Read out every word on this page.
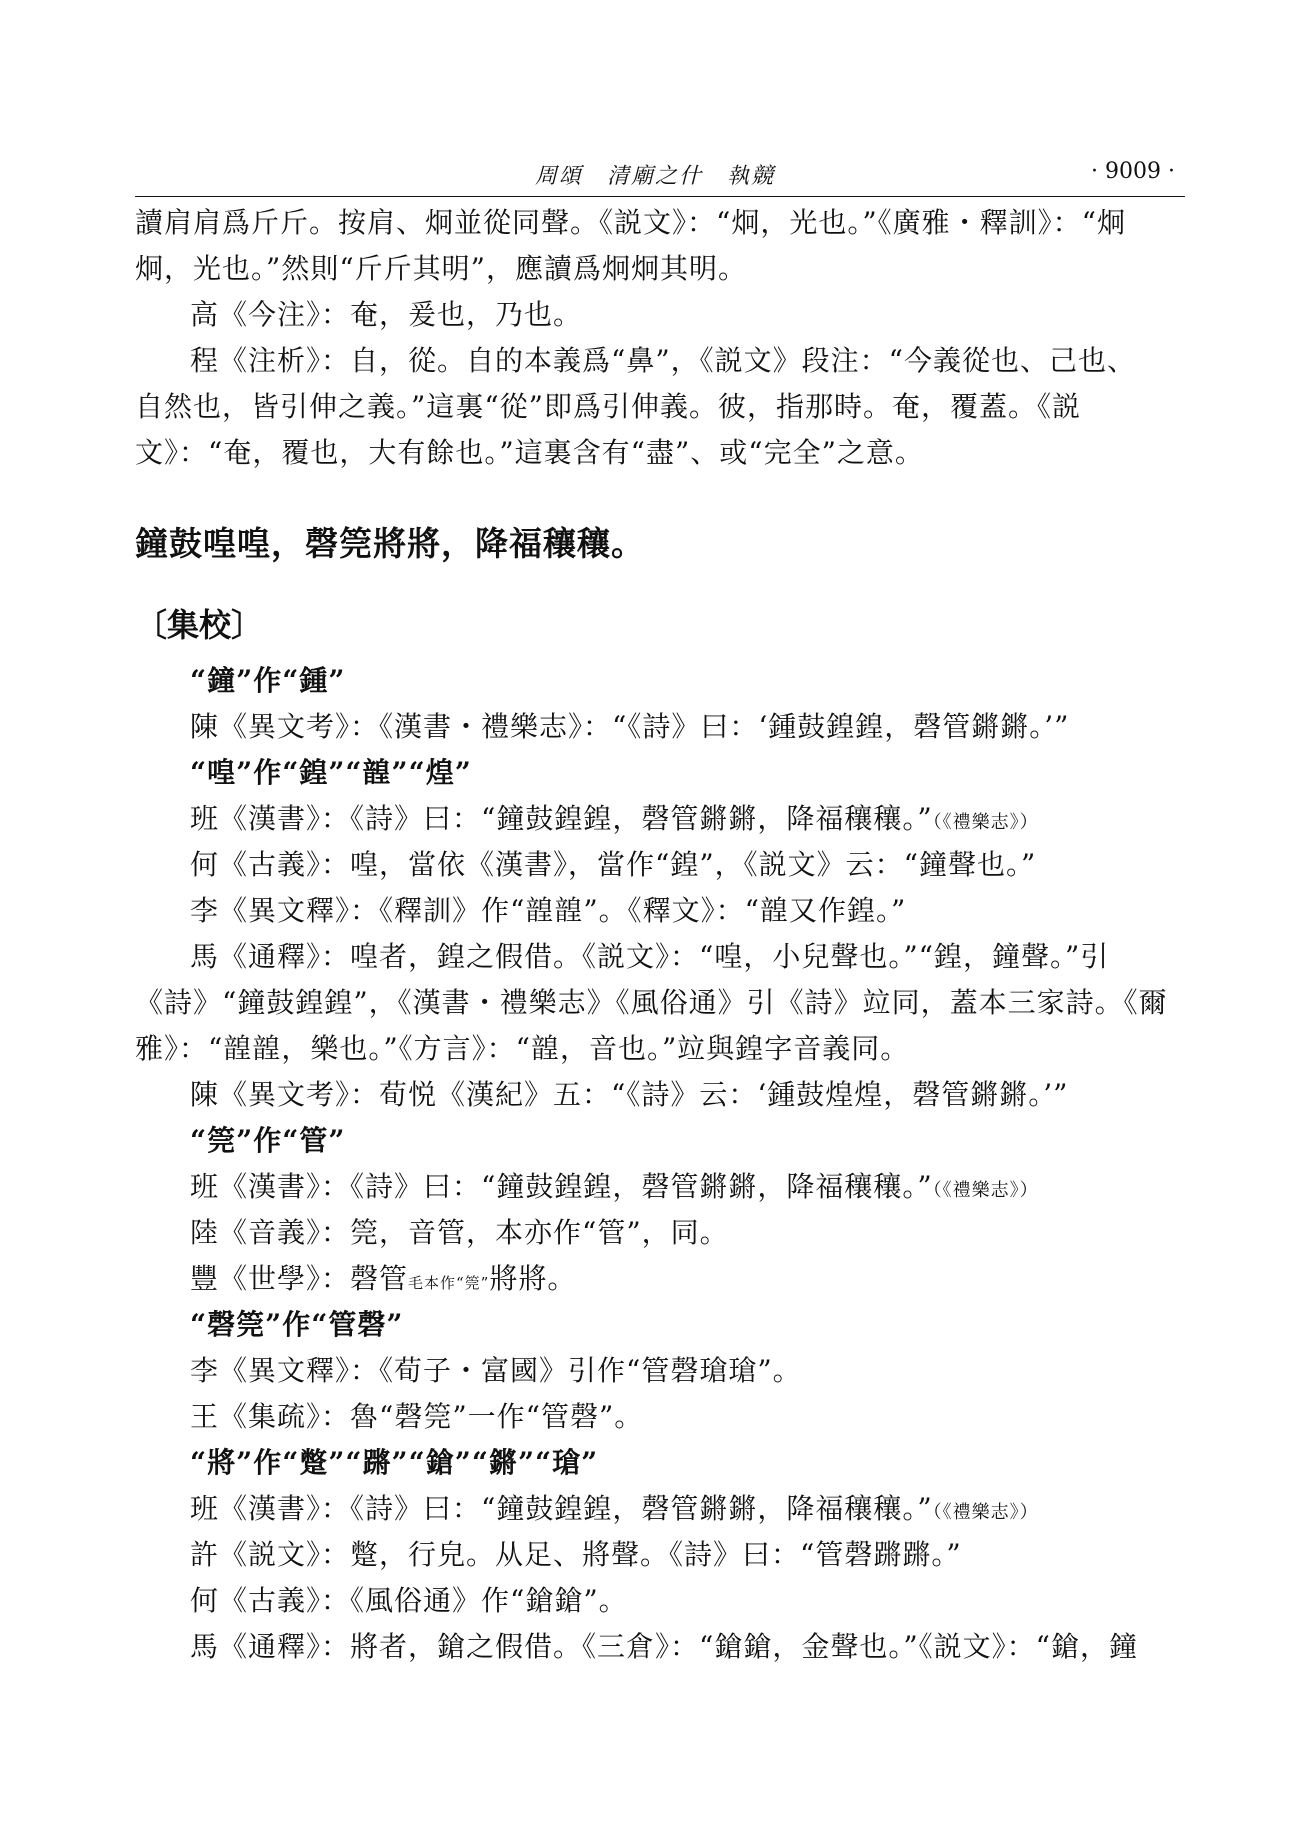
周頌　清廟之什　執競	· 9009 ·
讀肩肩爲斤斤。按肩、炯並從同聲。《説文》：“炯，光也。”《廣雅・釋訓》：“炯
炯，光也。”然則“斤斤其明”，應讀爲炯炯其明。
高《今注》：奄，爰也，乃也。
程《注析》：自，從。自的本義爲“鼻”，《説文》段注：“今義從也、己也、
自然也，皆引伸之義。”這裏“從”即爲引伸義。彼，指那時。奄，覆蓋。《説
文》：“奄，覆也，大有餘也。”這裏含有“盡”、或“完全”之意。
鐘鼓喤喤，磬筦將將，降福穰穰。
〔集校〕
“鐘”作“鍾”
陳《異文考》：《漢書・禮樂志》：“《詩》曰：‘鍾鼓鍠鍠，磬管鏘鏘。’”
“喤”作“鍠”“韹”“煌”
班《漢書》：《詩》曰：“鐘鼓鍠鍠，磬管鏘鏘，降福穰穰。”（《禮樂志》）
何《古義》：喤，當依《漢書》，當作“鍠”，《説文》云：“鐘聲也。”
李《異文釋》：《釋訓》作“韹韹”。《釋文》：“韹又作鍠。”
馬《通釋》：喤者，鍠之假借。《説文》：“喤，小兒聲也。”“鍠，鐘聲。”引
《詩》“鐘鼓鍠鍠”，《漢書・禮樂志》《風俗通》引《詩》竝同，蓋本三家詩。《爾
雅》：“韹韹，樂也。”《方言》：“韹，音也。”竝與鍠字音義同。
陳《異文考》：荀悦《漢紀》五：“《詩》云：‘鍾鼓煌煌，磬管鏘鏘。’”
“筦”作“管”
班《漢書》：《詩》曰：“鐘鼓鍠鍠，磬管鏘鏘，降福穰穰。”（《禮樂志》）
陸《音義》：筦，音管，本亦作“管”，同。
豐《世學》：磬管毛本作“筦”將將。
“磬筦”作“管磬”
李《異文釋》：《荀子・富國》引作“管磬瑲瑲”。
王《集疏》：魯“磬筦”一作“管磬”。
“將”作“蹩”“蹡”“鎗”“鏘”“瑲”
班《漢書》：《詩》曰：“鐘鼓鍠鍠，磬管鏘鏘，降福穰穰。”（《禮樂志》）
許《説文》：蹩，行皃。从足、將聲。《詩》曰：“管磬蹡蹡。”
何《古義》：《風俗通》作“鎗鎗”。
馬《通釋》：將者，鎗之假借。《三倉》：“鎗鎗，金聲也。”《説文》：“鎗，鐘
